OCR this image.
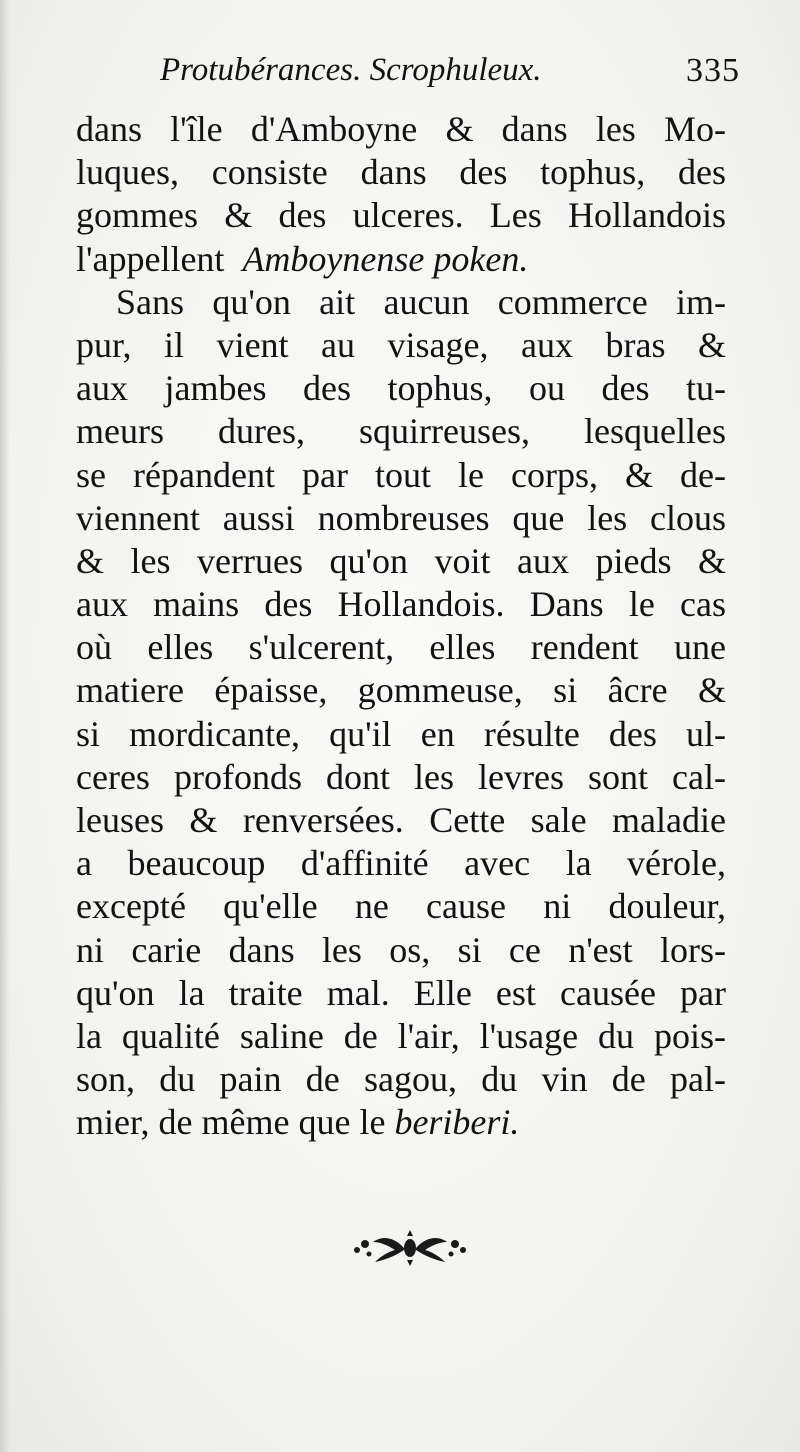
Protubérances. Scrophuleux.	335
dans l'île d'Amboyne & dans les Mo-
luques, consiste dans des tophus, des
gommes & des ulceres. Les Hollandois
l'appellent Amboynense poken.
Sans qu'on ait aucun commerce im-
pur, il vient au visage, aux bras &
aux jambes des tophus, ou des tu-
meurs dures, squirreuses, lesquelles
se répandent par tout le corps, & de-
viennent aussi nombreuses que les clous
& les verrues qu'on voit aux pieds &
aux mains des Hollandois. Dans le cas
où elles s'ulcerent, elles rendent une
matiere épaisse, gommeuse, si âcre &
si mordicante, qu'il en résulte des ul-
ceres profonds dont les levres sont cal-
leuses & renversées. Cette sale maladie
a beaucoup d'affinité avec la vérole,
excepté qu'elle ne cause ni douleur,
ni carie dans les os, si ce n'est lors-
qu'on la traite mal. Elle est causée par
la qualité saline de l'air, l'usage du pois-
son, du pain de sagou, du vin de pal-
mier, de même que le beriberi.
